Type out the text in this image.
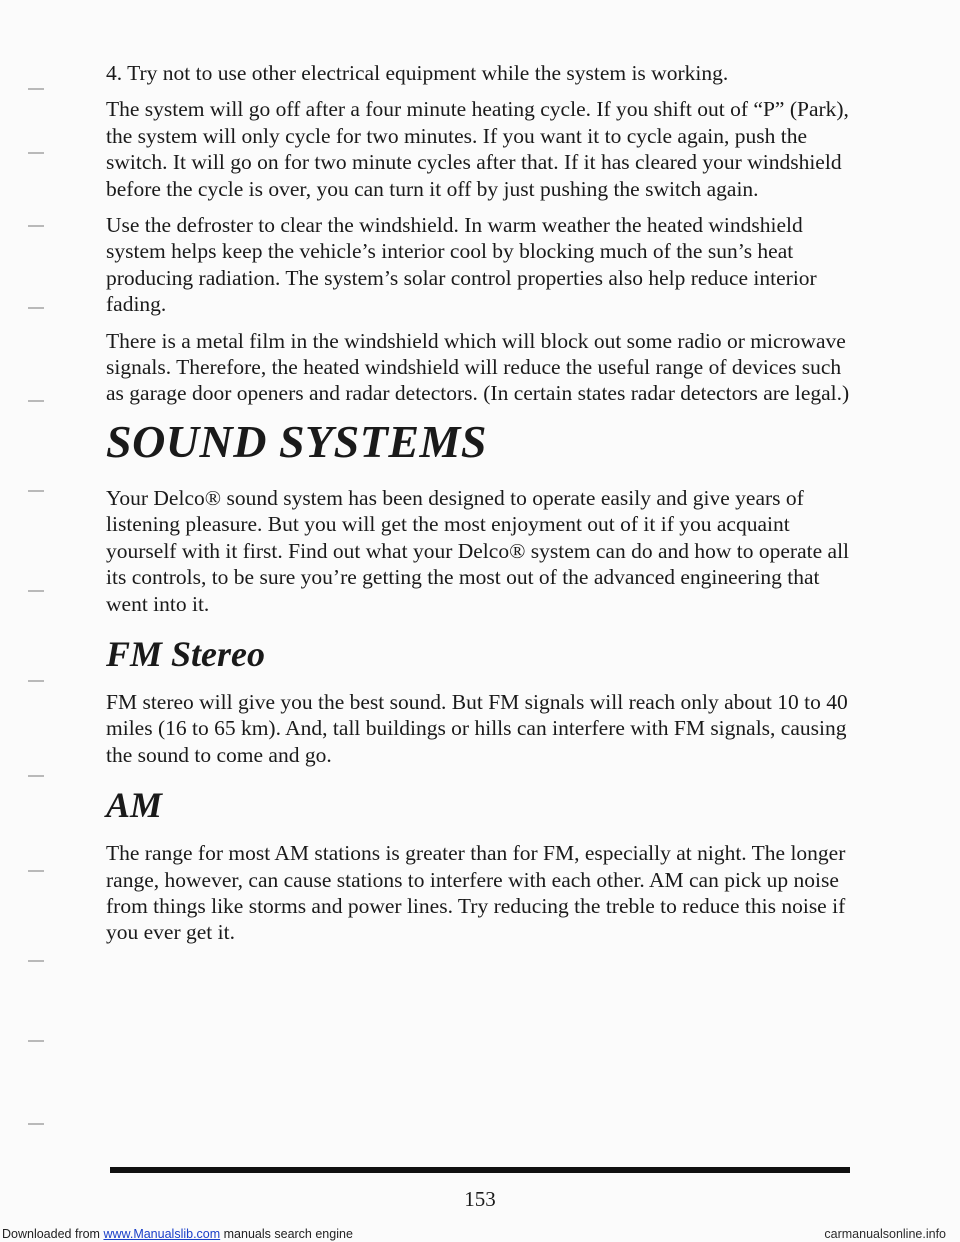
4. Try not to use other electrical equipment while the system is working.

The system will go off after a four minute heating cycle. If you shift out of “P” (Park), the system will only cycle for two minutes. If you want it to cycle again, push the switch. It will go on for two minute cycles after that. If it has cleared your windshield before the cycle is over, you can turn it off by just pushing the switch again.

Use the defroster to clear the windshield. In warm weather the heated windshield system helps keep the vehicle’s interior cool by blocking much of the sun’s heat producing radiation. The system’s solar control properties also help reduce interior fading.

There is a metal film in the windshield which will block out some radio or microwave signals. Therefore, the heated windshield will reduce the useful range of devices such as garage door openers and radar detectors. (In certain states radar detectors are legal.)

SOUND SYSTEMS

Your Delco® sound system has been designed to operate easily and give years of listening pleasure. But you will get the most enjoyment out of it if you acquaint yourself with it first. Find out what your Delco® system can do and how to operate all its controls, to be sure you’re getting the most out of the advanced engineering that went into it.

FM Stereo

FM stereo will give you the best sound. But FM signals will reach only about 10 to 40 miles (16 to 65 km). And, tall buildings or hills can interfere with FM signals, causing the sound to come and go.

AM

The range for most AM stations is greater than for FM, especially at night. The longer range, however, can cause stations to interfere with each other. AM can pick up noise from things like storms and power lines. Try reducing the treble to reduce this noise if you ever get it.

153
Downloaded from www.Manualslib.com manuals search engine	carmanualsonline.info
